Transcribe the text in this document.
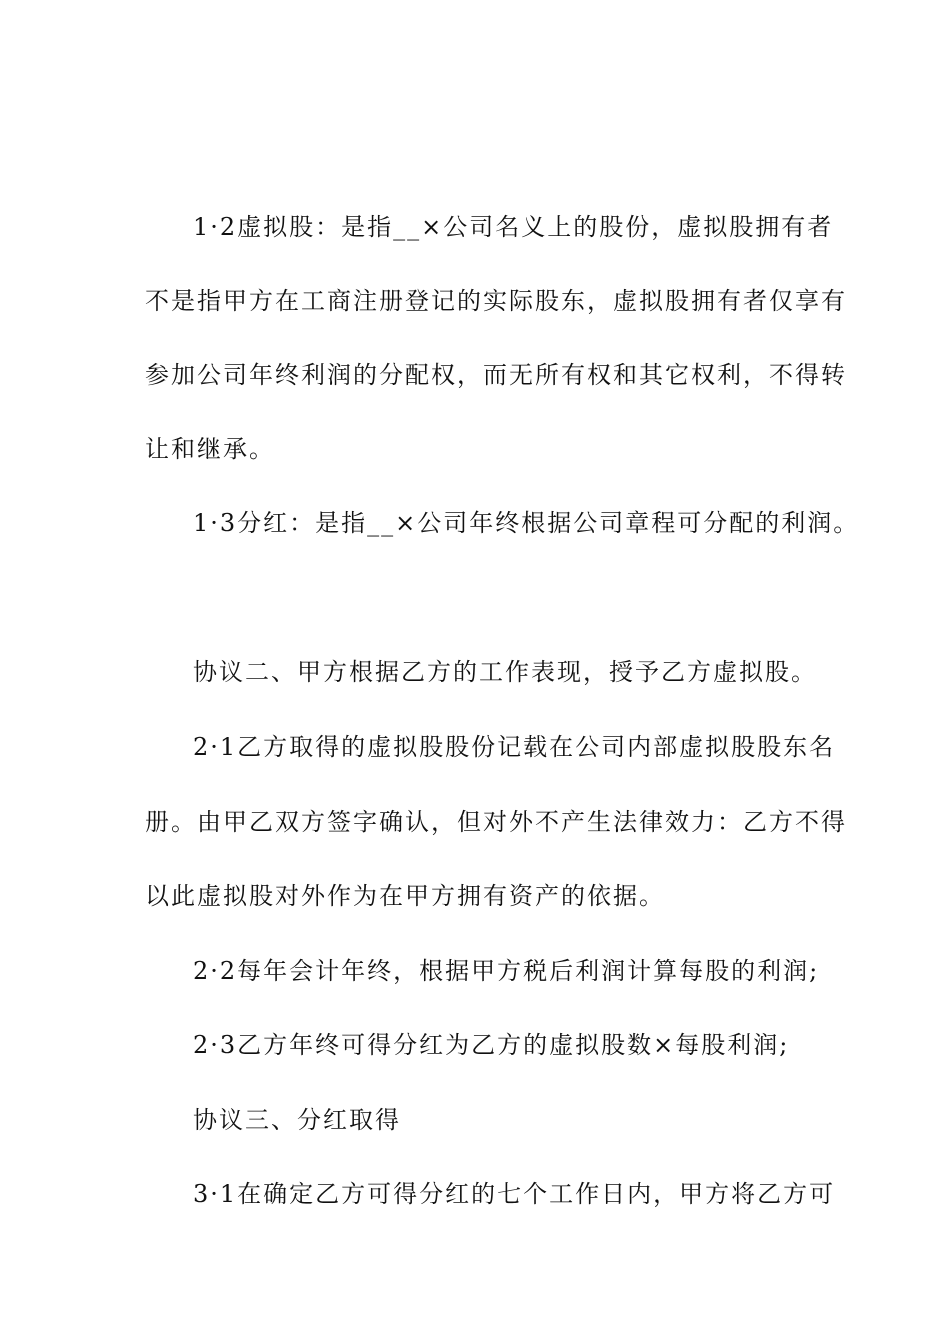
1·2虚拟股：是指__×公司名义上的股份，虚拟股拥有者
不是指甲方在工商注册登记的实际股东，虚拟股拥有者仅享有
参加公司年终利润的分配权，而无所有权和其它权利，不得转
让和继承。
1·3分红：是指__×公司年终根据公司章程可分配的利润。
协议二、甲方根据乙方的工作表现，授予乙方虚拟股。
2·1乙方取得的虚拟股股份记载在公司内部虚拟股股东名
册。由甲乙双方签字确认，但对外不产生法律效力：乙方不得
以此虚拟股对外作为在甲方拥有资产的依据。
2·2每年会计年终，根据甲方税后利润计算每股的利润;
2·3乙方年终可得分红为乙方的虚拟股数×每股利润;
协议三、分红取得
3·1在确定乙方可得分红的七个工作日内，甲方将乙方可
